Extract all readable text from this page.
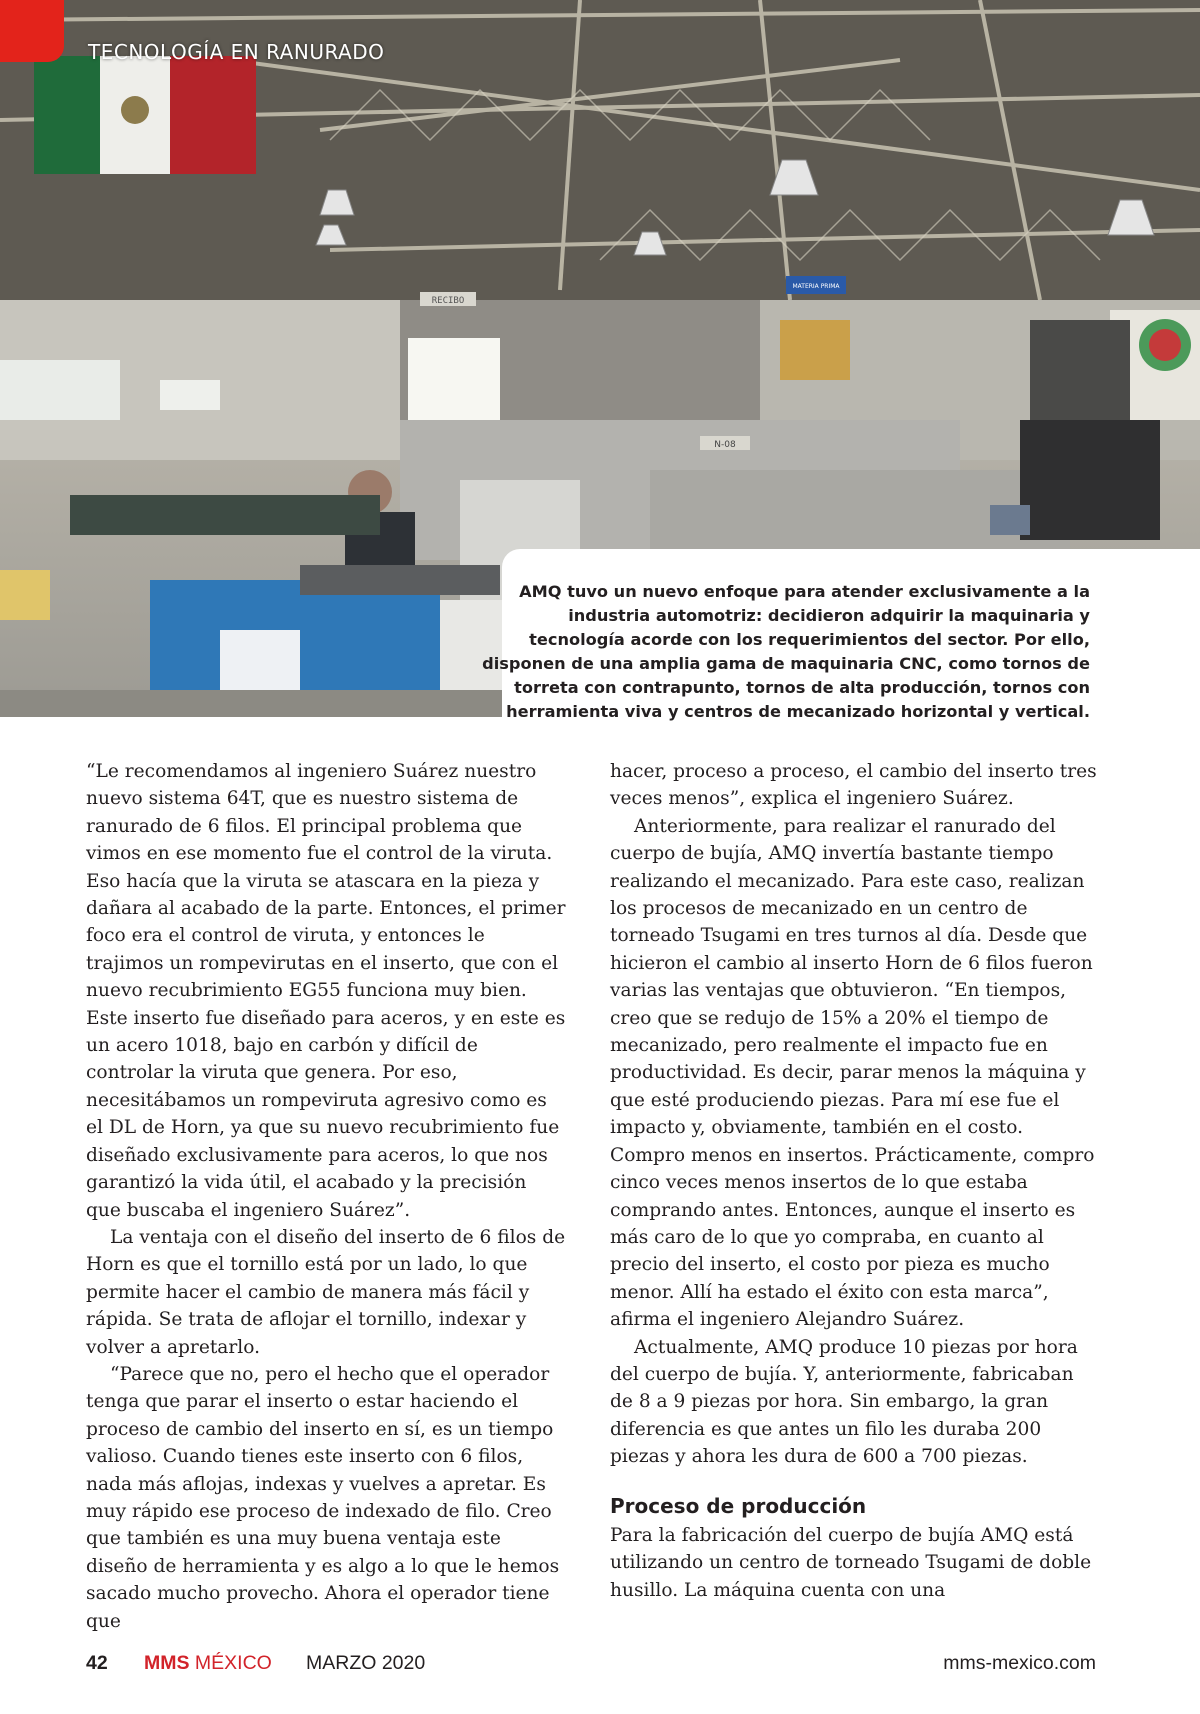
RECIBO
MATERIA PRIMA
N-08
TECNOLOGÍA EN RANURADO
AMQ tuvo un nuevo enfoque para atender exclusivamente a la industria automotriz: decidieron adquirir la maquinaria y tecnología acorde con los requerimientos del sector. Por ello, disponen de una amplia gama de maquinaria CNC, como tornos de torreta con contrapunto, tornos de alta producción, tornos con herramienta viva y centros de mecanizado horizontal y vertical.

“Le recomendamos al ingeniero Suárez nuestro nuevo sistema 64T, que es nuestro sistema de ranurado de 6 filos. El principal problema que vimos en ese momento fue el control de la viruta. Eso hacía que la viruta se atascara en la pieza y dañara al acabado de la parte. Entonces, el primer foco era el control de viruta, y entonces le trajimos un rompevirutas en el inserto, que con el nuevo recubrimiento EG55 funciona muy bien. Este inserto fue diseñado para aceros, y en este es un acero 1018, bajo en carbón y difícil de controlar la viruta que genera. Por eso, necesitábamos un rompeviruta agresivo como es el DL de Horn, ya que su nuevo recubrimiento fue diseñado exclusivamente para aceros, lo que nos garantizó la vida útil, el acabado y la precisión que buscaba el ingeniero Suárez”.

La ventaja con el diseño del inserto de 6 filos de Horn es que el tornillo está por un lado, lo que permite hacer el cambio de manera más fácil y rápida. Se trata de aflojar el tornillo, indexar y volver a apretarlo.

“Parece que no, pero el hecho que el operador tenga que parar el inserto o estar haciendo el proceso de cambio del inserto en sí, es un tiempo valioso. Cuando tienes este inserto con 6 filos, nada más aflojas, indexas y vuelves a apretar. Es muy rápido ese proceso de indexado de filo. Creo que también es una muy buena ventaja este diseño de herramienta y es algo a lo que le hemos sacado mucho provecho. Ahora el operador tiene que

hacer, proceso a proceso, el cambio del inserto tres veces menos”, explica el ingeniero Suárez.

Anteriormente, para realizar el ranurado del cuerpo de bujía, AMQ invertía bastante tiempo realizando el mecanizado. Para este caso, realizan los procesos de mecanizado en un centro de torneado Tsugami en tres turnos al día. Desde que hicieron el cambio al inserto Horn de 6 filos fueron varias las ventajas que obtuvieron. “En tiempos, creo que se redujo de 15% a 20% el tiempo de mecanizado, pero realmente el impacto fue en productividad. Es decir, parar menos la máquina y que esté produciendo piezas. Para mí ese fue el impacto y, obviamente, también en el costo. Compro menos en insertos. Prácticamente, compro cinco veces menos insertos de lo que estaba comprando antes. Entonces, aunque el inserto es más caro de lo que yo compraba, en cuanto al precio del inserto, el costo por pieza es mucho menor. Allí ha estado el éxito con esta marca”, afirma el ingeniero Alejandro Suárez.

Actualmente, AMQ produce 10 piezas por hora del cuerpo de bujía. Y, anteriormente, fabricaban de 8 a 9 piezas por hora. Sin embargo, la gran diferencia es que antes un filo les duraba 200 piezas y ahora les dura de 600 a 700 piezas.

Proceso de producción

Para la fabricación del cuerpo de bujía AMQ está utilizando un centro de torneado Tsugami de doble husillo. La máquina cuenta con una

42 MMS MÉXICO MARZO 2020	mms-mexico.com
